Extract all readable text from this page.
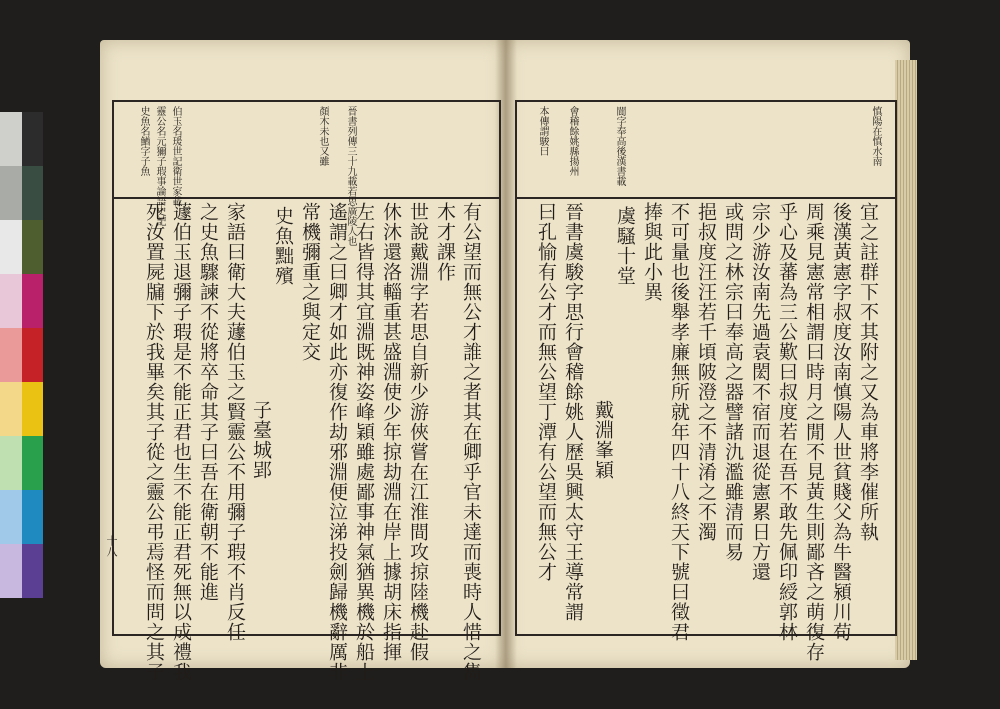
有公望而無公才誰之者其在卿乎官未達而喪時人惜之雋
木才課作
世說戴淵字若思自新少游俠嘗在江淮間攻掠陸機赴假
休沐還洛輜重甚盛淵使少年掠劫淵在岸上據胡床指揮
左右皆得其宜淵既神姿峰穎雖處鄙事神氣猶異機於船上
遙謂之曰卿才如此亦復作劫邪淵便泣涕投劍歸機辭厲非
常機彌重之與定交
史魚黜殯
子臺城郢
家語曰衛大夫蘧伯玉之賢靈公不用彌子瑕不肖反任
之史魚驟諫不從將卒命其子曰吾在衛朝不能進
蘧伯玉退彌子瑕是不能正君也生不能正君死無以成禮我
死汝置屍牖下於我畢矣其子從之靈公弔焉怪而問之其子
晉書列傳三十九載若思廣陵人也
顏木未也又雖
伯玉名瑗世記衛世家載
靈公名元獮子瑕事論語史記
史魚名鰌字子魚

十八
宜之註群下不其附之又為車將李催所執
後漢黃憲字叔度汝南慎陽人世貧賤父為牛醫潁川荀
周乘見憲常相謂曰時月之閒不見黃生則鄙吝之萌復存
乎心及蕃為三公歎曰叔度若在吾不敢先佩印綬郭林
宗少游汝南先過袁閎不宿而退從憲累日方還
或問之林宗曰奉高之器譬諸氿濫雖清而易
挹叔度汪汪若千頃陂澄之不清淆之不濁
不可量也後舉孝廉無所就年四十八終天下號曰徵君
捧與此小異
虞騷十堂
戴淵峯穎
晉書虞駿字思行會稽餘姚人歷吳興太守王導常謂
曰孔愉有公才而無公望丁潭有公望而無公才
慎陽在慎水南
閬字奉高後漢書載
會稽餘姚縣揚州
本傳謂駿曰
